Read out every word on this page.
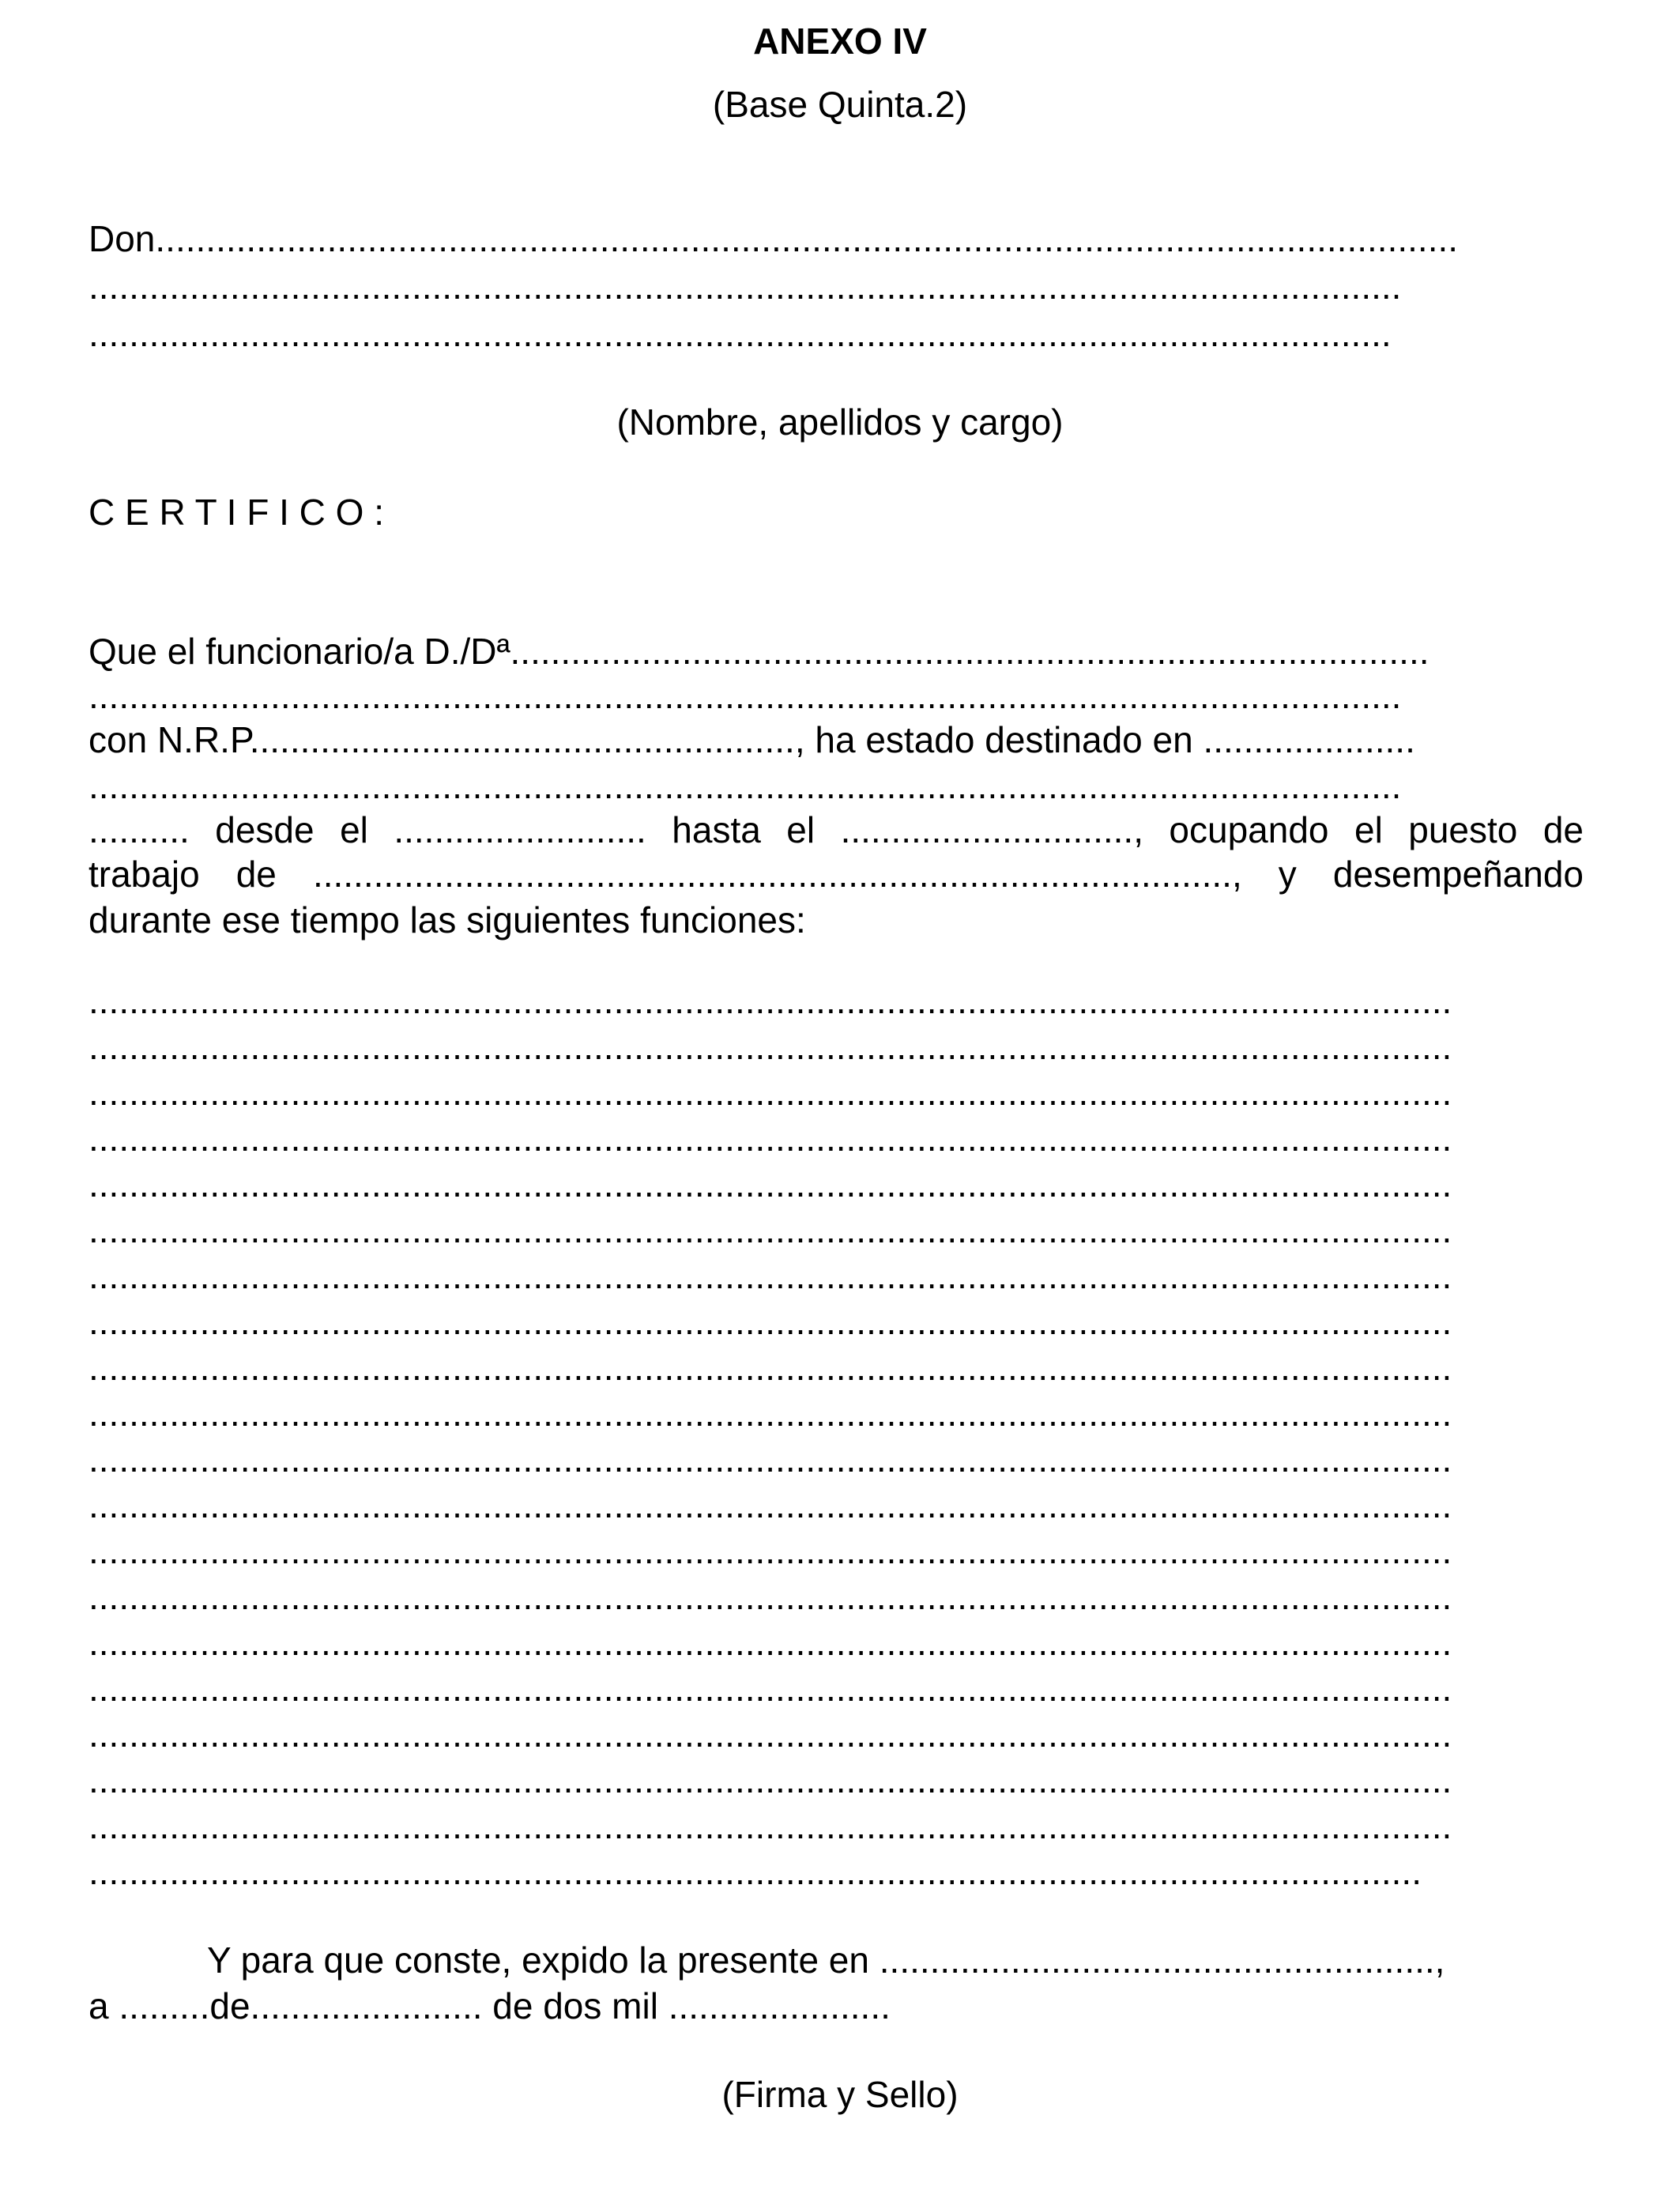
ANEXO IV
(Base Quinta.2)
Don.................................................................................................................................
..................................................................................................................................
.................................................................................................................................
(Nombre, apellidos y cargo)
C E R T I F I C O :
Que el funcionario/a D./Dª...........................................................................................
..................................................................................................................................
con N.R.P......................................................, ha estado destinado en .....................
..................................................................................................................................
.......... desde el ......................... hasta el ............................., ocupando el puesto de
trabajo de ..........................................................................................., y desempeñando
durante ese tiempo las siguientes funciones:
.......................................................................................................................................
.......................................................................................................................................
.......................................................................................................................................
.......................................................................................................................................
.......................................................................................................................................
.......................................................................................................................................
.......................................................................................................................................
.......................................................................................................................................
.......................................................................................................................................
.......................................................................................................................................
.......................................................................................................................................
.......................................................................................................................................
.......................................................................................................................................
.......................................................................................................................................
.......................................................................................................................................
.......................................................................................................................................
.......................................................................................................................................
.......................................................................................................................................
.......................................................................................................................................
....................................................................................................................................
Y para que conste, expido la presente en .......................................................,
a .........de....................... de dos mil ......................
(Firma y Sello)
